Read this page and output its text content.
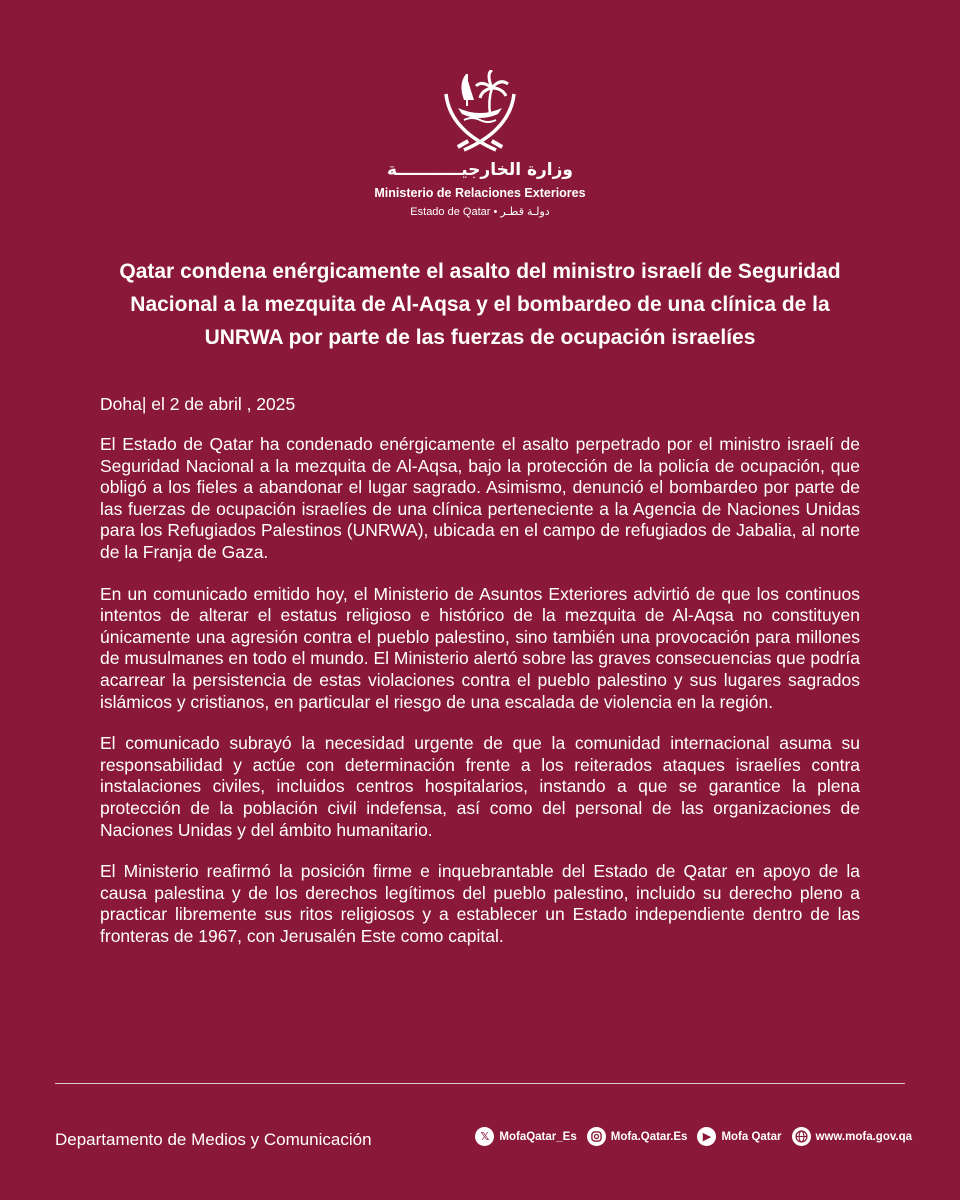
وزارة الخارجيـــــــــــة
Ministerio de Relaciones Exteriores
Estado de Qatar • دولـة قطـر
Qatar condena enérgicamente el asalto del ministro israelí de Seguridad Nacional a la mezquita de Al-Aqsa y el bombardeo de una clínica de la UNRWA por parte de las fuerzas de ocupación israelíes
Doha| el 2 de abril , 2025

El Estado de Qatar ha condenado enérgicamente el asalto perpetrado por el ministro israelí de Seguridad Nacional a la mezquita de Al-Aqsa, bajo la protección de la policía de ocupación, que obligó a los fieles a abandonar el lugar sagrado. Asimismo, denunció el bombardeo por parte de las fuerzas de ocupación israelíes de una clínica perteneciente a la Agencia de Naciones Unidas para los Refugiados Palestinos (UNRWA), ubicada en el campo de refugiados de Jabalia, al norte de la Franja de Gaza.

En un comunicado emitido hoy, el Ministerio de Asuntos Exteriores advirtió de que los continuos intentos de alterar el estatus religioso e histórico de la mezquita de Al-Aqsa no constituyen únicamente una agresión contra el pueblo palestino, sino también una provocación para millones de musulmanes en todo el mundo. El Ministerio alertó sobre las graves consecuencias que podría acarrear la persistencia de estas violaciones contra el pueblo palestino y sus lugares sagrados islámicos y cristianos, en particular el riesgo de una escalada de violencia en la región.

El comunicado subrayó la necesidad urgente de que la comunidad internacional asuma su responsabilidad y actúe con determinación frente a los reiterados ataques israelíes contra instalaciones civiles, incluidos centros hospitalarios, instando a que se garantice la plena protección de la población civil indefensa, así como del personal de las organizaciones de Naciones Unidas y del ámbito humanitario.

El Ministerio reafirmó la posición firme e inquebrantable del Estado de Qatar en apoyo de la causa palestina y de los derechos legítimos del pueblo palestino, incluido su derecho pleno a practicar libremente sus ritos religiosos y a establecer un Estado independiente dentro de las fronteras de 1967, con Jerusalén Este como capital.

Departamento de Medios y Comunicación	𝕏 MofaQatar_Es	Mofa.Qatar.Es	▶ Mofa Qatar	www.mofa.gov.qa
